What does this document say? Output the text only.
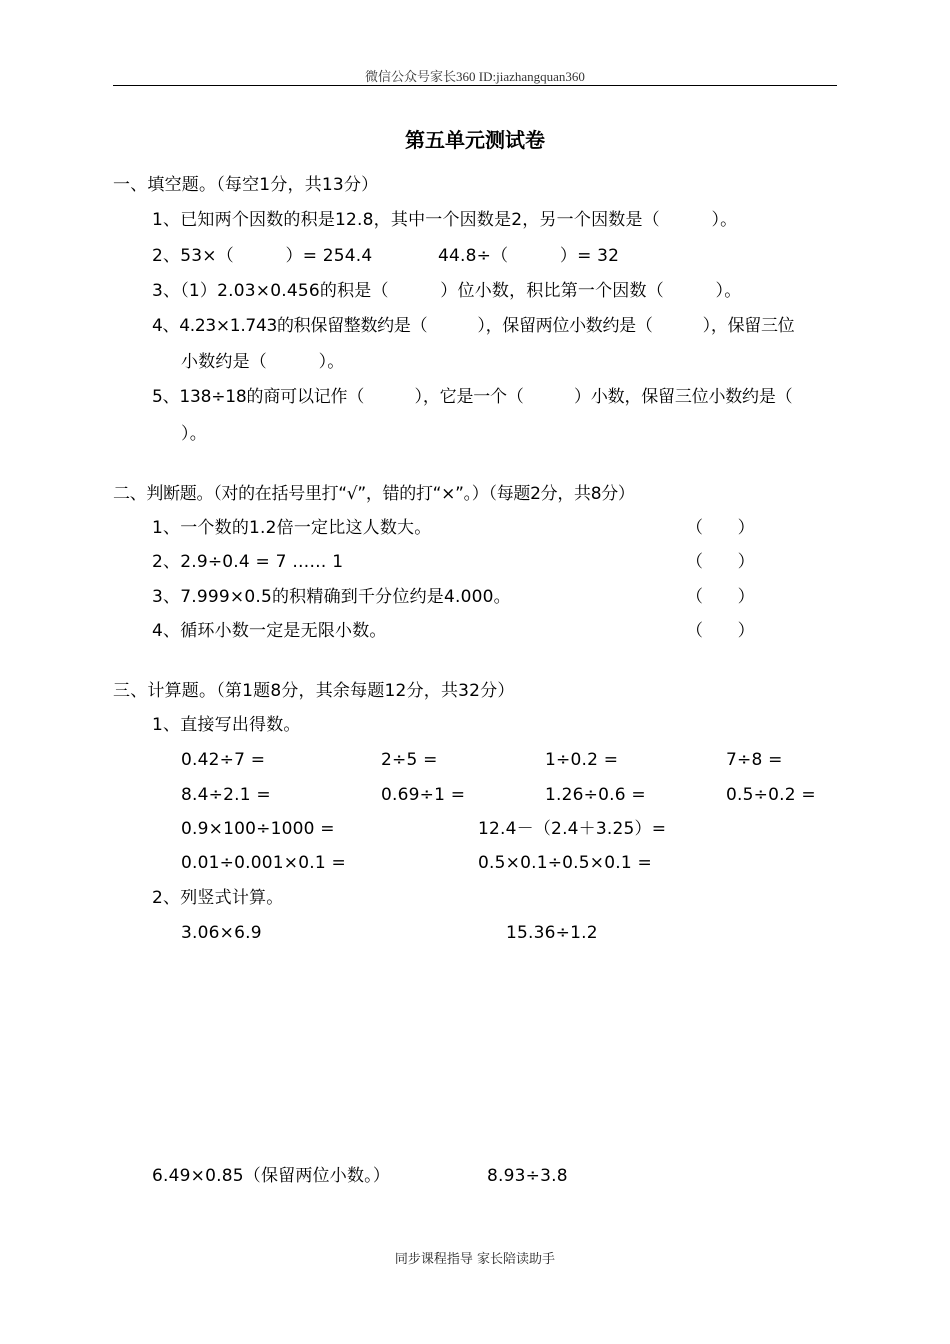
微信公众号家长360 ID:jiazhangquan360
第五单元测试卷
一、填空题。（每空1分，共13分）
1、已知两个因数的积是12.8，其中一个因数是2，另一个因数是（　　　）。
2、53×（　　　）= 254.4	44.8÷（　　　）= 32
3、（1）2.03×0.456的积是（　　　）位小数，积比第一个因数（　　　）。
4、4.23×1.743的积保留整数约是（　　　），保留两位小数约是（　　　），保留三位
小数约是（　　　）。
5、138÷18的商可以记作（　　　），它是一个（　　　）小数，保留三位小数约是（
）。
二、判断题。（对的在括号里打“√”，错的打“×”。）（每题2分，共8分）
1、一个数的1.2倍一定比这人数大。	（　　）
2、2.9÷0.4 = 7 …… 1	（　　）
3、7.999×0.5的积精确到千分位约是4.000。	（　　）
4、循环小数一定是无限小数。	（　　）
三、计算题。（第1题8分，其余每题12分，共32分）
1、直接写出得数。
0.42÷7 =	2÷5 =	1÷0.2 =	7÷8 =
8.4÷2.1 =	0.69÷1 =	1.26÷0.6 =	0.5÷0.2 =
0.9×100÷1000 =	12.4－（2.4＋3.25）=
0.01÷0.001×0.1 =	0.5×0.1÷0.5×0.1 =
2、列竖式计算。
3.06×6.9	15.36÷1.2
6.49×0.85（保留两位小数。）	8.93÷3.8
同步课程指导 家长陪读助手
